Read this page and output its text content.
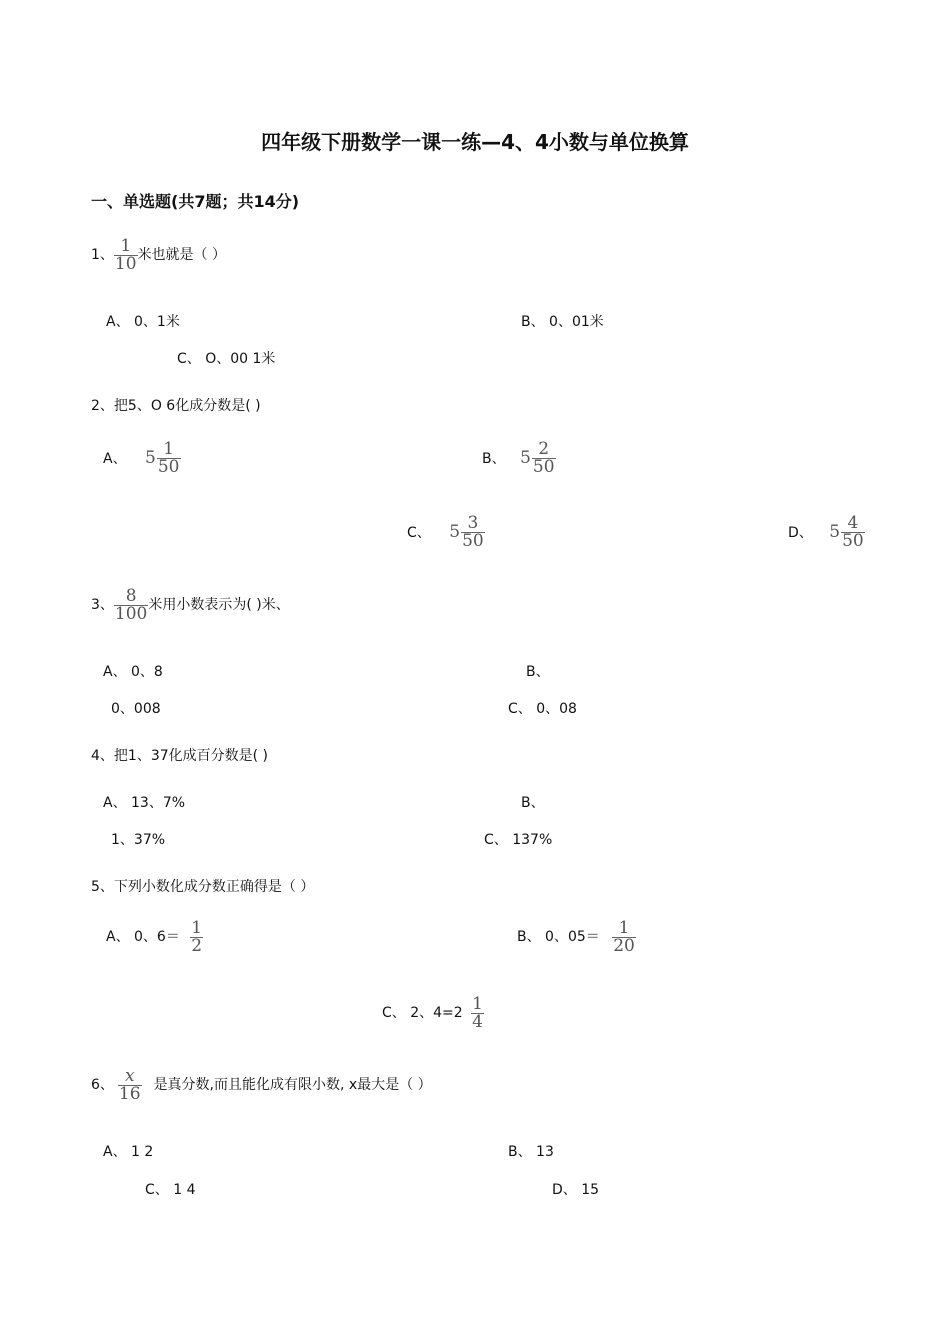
四年级下册数学一课一练—4、4小数与单位换算
一、单选题(共7题；共14分)
1、 $\frac{1}{10}$ 米也就是（ ）
A、 0、1米	B、 0、01米
C、 O、00 1米
2、把5、O 6化成分数是( )
A、 $5 \frac{1}{50}$	B、 $5 \frac{2}{50}$
C、 $5 \frac{3}{50}$	D、 $5 \frac{4}{50}$
3、 $\frac{8}{100}$ 米用小数表示为( )米、
A、 0、8	B、
0、008	C、 0、08
4、把1、37化成百分数是( )
A、 13、7%	B、
1、37%	C、 137%
5、下列小数化成分数正确得是（ ）
A、 0、$6= \frac{1}{2}$	B、 0、$05= \frac{1}{20}$
C、 2、$4=2 \frac{1}{4}$
6、 $\frac{x}{16}$ 是真分数,而且能化成有限小数, x最大是（ ）
A、 1 2	B、 13
C、 1 4	D、 15
